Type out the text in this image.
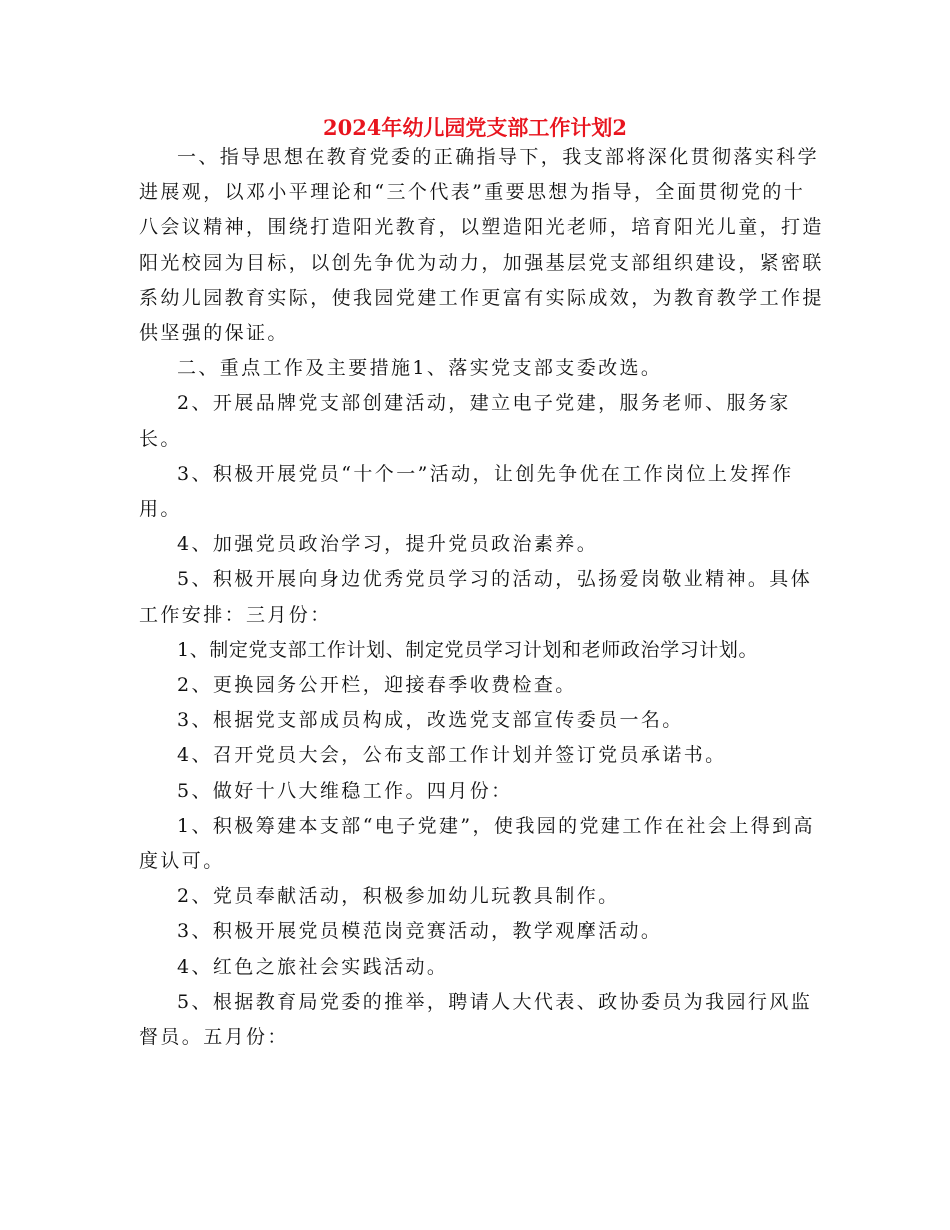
2024年幼儿园党支部工作计划2

一、指导思想在教育党委的正确指导下，我支部将深化贯彻落实科学进展观，以邓小平理论和“三个代表”重要思想为指导，全面贯彻党的十八会议精神，围绕打造阳光教育，以塑造阳光老师，培育阳光儿童，打造阳光校园为目标，以创先争优为动力，加强基层党支部组织建设，紧密联系幼儿园教育实际，使我园党建工作更富有实际成效，为教育教学工作提供坚强的保证。

二、重点工作及主要措施1、落实党支部支委改选。

2、开展品牌党支部创建活动，建立电子党建，服务老师、服务家长。

3、积极开展党员“十个一”活动，让创先争优在工作岗位上发挥作用。

4、加强党员政治学习，提升党员政治素养。

5、积极开展向身边优秀党员学习的活动，弘扬爱岗敬业精神。具体工作安排：三月份：

1、制定党支部工作计划、制定党员学习计划和老师政治学习计划。

2、更换园务公开栏，迎接春季收费检查。

3、根据党支部成员构成，改选党支部宣传委员一名。

4、召开党员大会，公布支部工作计划并签订党员承诺书。

5、做好十八大维稳工作。四月份：

1、积极筹建本支部“电子党建”，使我园的党建工作在社会上得到高度认可。

2、党员奉献活动，积极参加幼儿玩教具制作。

3、积极开展党员模范岗竞赛活动，教学观摩活动。

4、红色之旅社会实践活动。

5、根据教育局党委的推举，聘请人大代表、政协委员为我园行风监督员。五月份：
